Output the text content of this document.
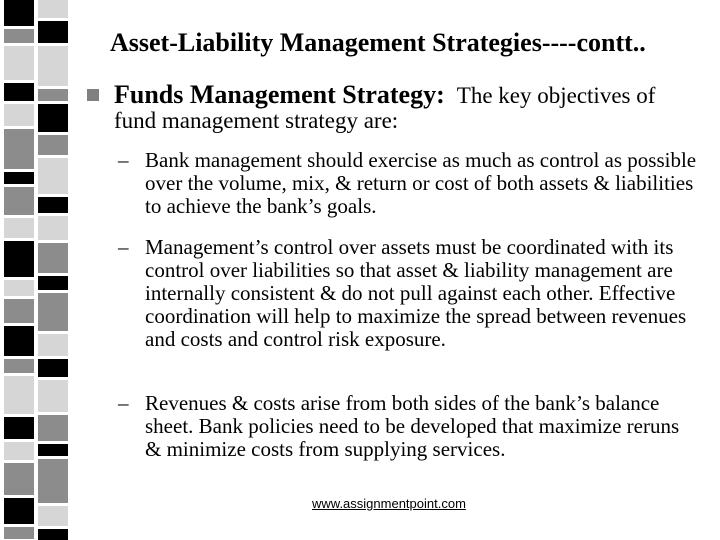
Asset-Liability Management Strategies----contt..
Funds Management Strategy: The key objectives of
fund management strategy are:
– Bank management should exercise as much as control as possible over the volume, mix, & return or cost of both assets & liabilities to achieve the bank’s goals.
– Management’s control over assets must be coordinated with its control over liabilities so that asset & liability management are internally consistent & do not pull against each other. Effective coordination will help to maximize the spread between revenues and costs and control risk exposure.
– Revenues & costs arise from both sides of the bank’s balance sheet. Bank policies need to be developed that maximize reruns & minimize costs from supplying services.
www.assignmentpoint.com
